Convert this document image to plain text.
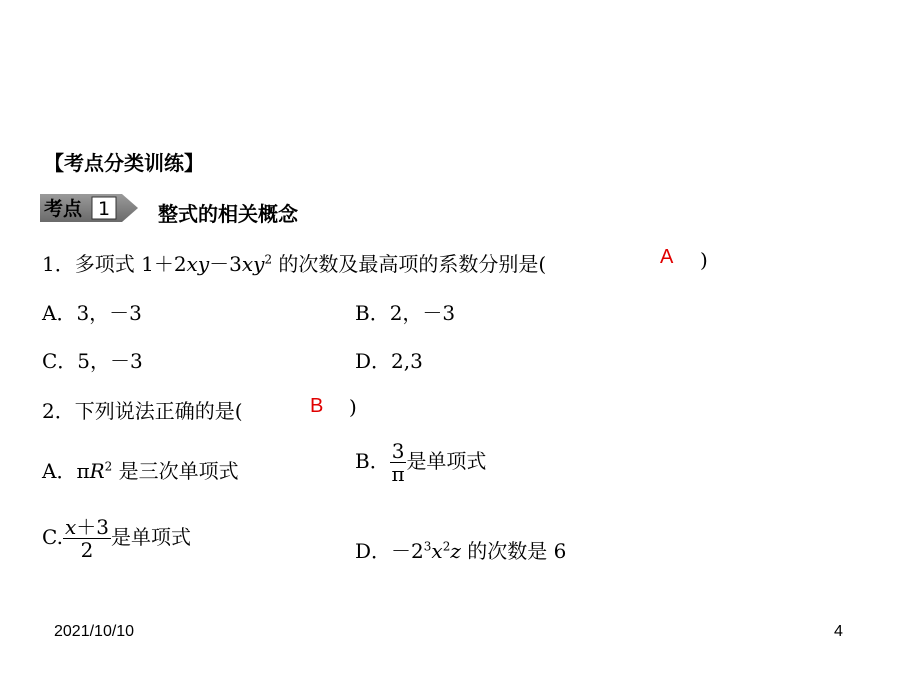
【考点分类训练】
考点 1 整式的相关概念
1．多项式 $1+2xy-3xy^2$ 的次数及最高项的系数分别是(	A )
A．3，－3	B．2，－3
C．5，－3	D．2,3
2．下列说法正确的是(	B )
A．$\pi R^2$ 是三次单项式	B． $\frac{3}{\pi}$ 是单项式
C. $\frac{x+3}{2}$ 是单项式
D．$-2^3x^2z$ 的次数是 6
2021/10/10	4
